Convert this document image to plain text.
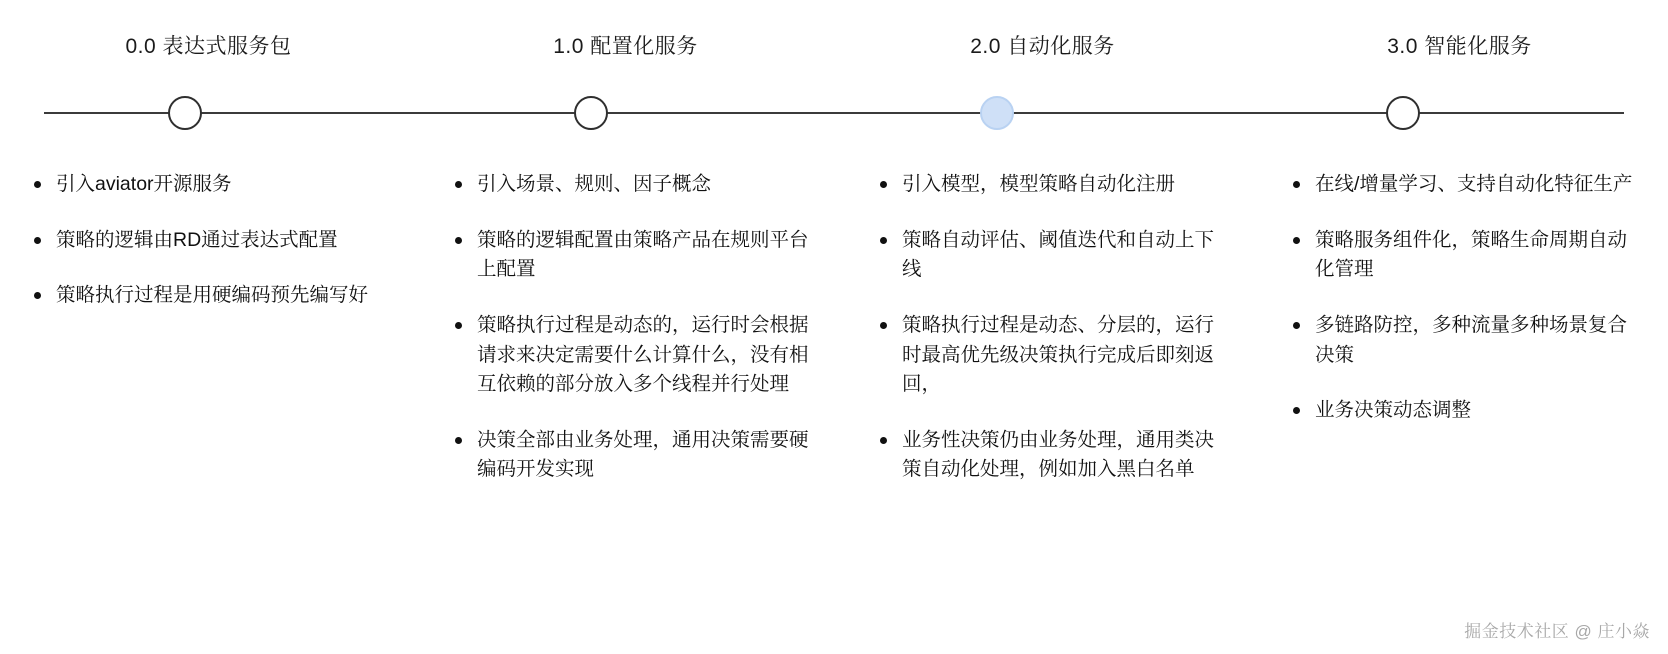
0.0 表达式服务包	1.0 配置化服务	2.0 自动化服务	3.0 智能化服务
引入aviator开源服务
策略的逻辑由RD通过表达式配置
策略执行过程是用硬编码预先编写好
引入场景、规则、因子概念
策略的逻辑配置由策略产品在规则平台上配置
策略执行过程是动态的，运行时会根据请求来决定需要什么计算什么，没有相互依赖的部分放入多个线程并行处理
决策全部由业务处理，通用决策需要硬编码开发实现
引入模型，模型策略自动化注册
策略自动评估、阈值迭代和自动上下线
策略执行过程是动态、分层的，运行时最高优先级决策执行完成后即刻返回，
业务性决策仍由业务处理，通用类决策自动化处理，例如加入黑白名单
在线/增量学习、支持自动化特征生产
策略服务组件化，策略生命周期自动化管理
多链路防控，多种流量多种场景复合决策
业务决策动态调整
掘金技术社区 @ 庄小焱
